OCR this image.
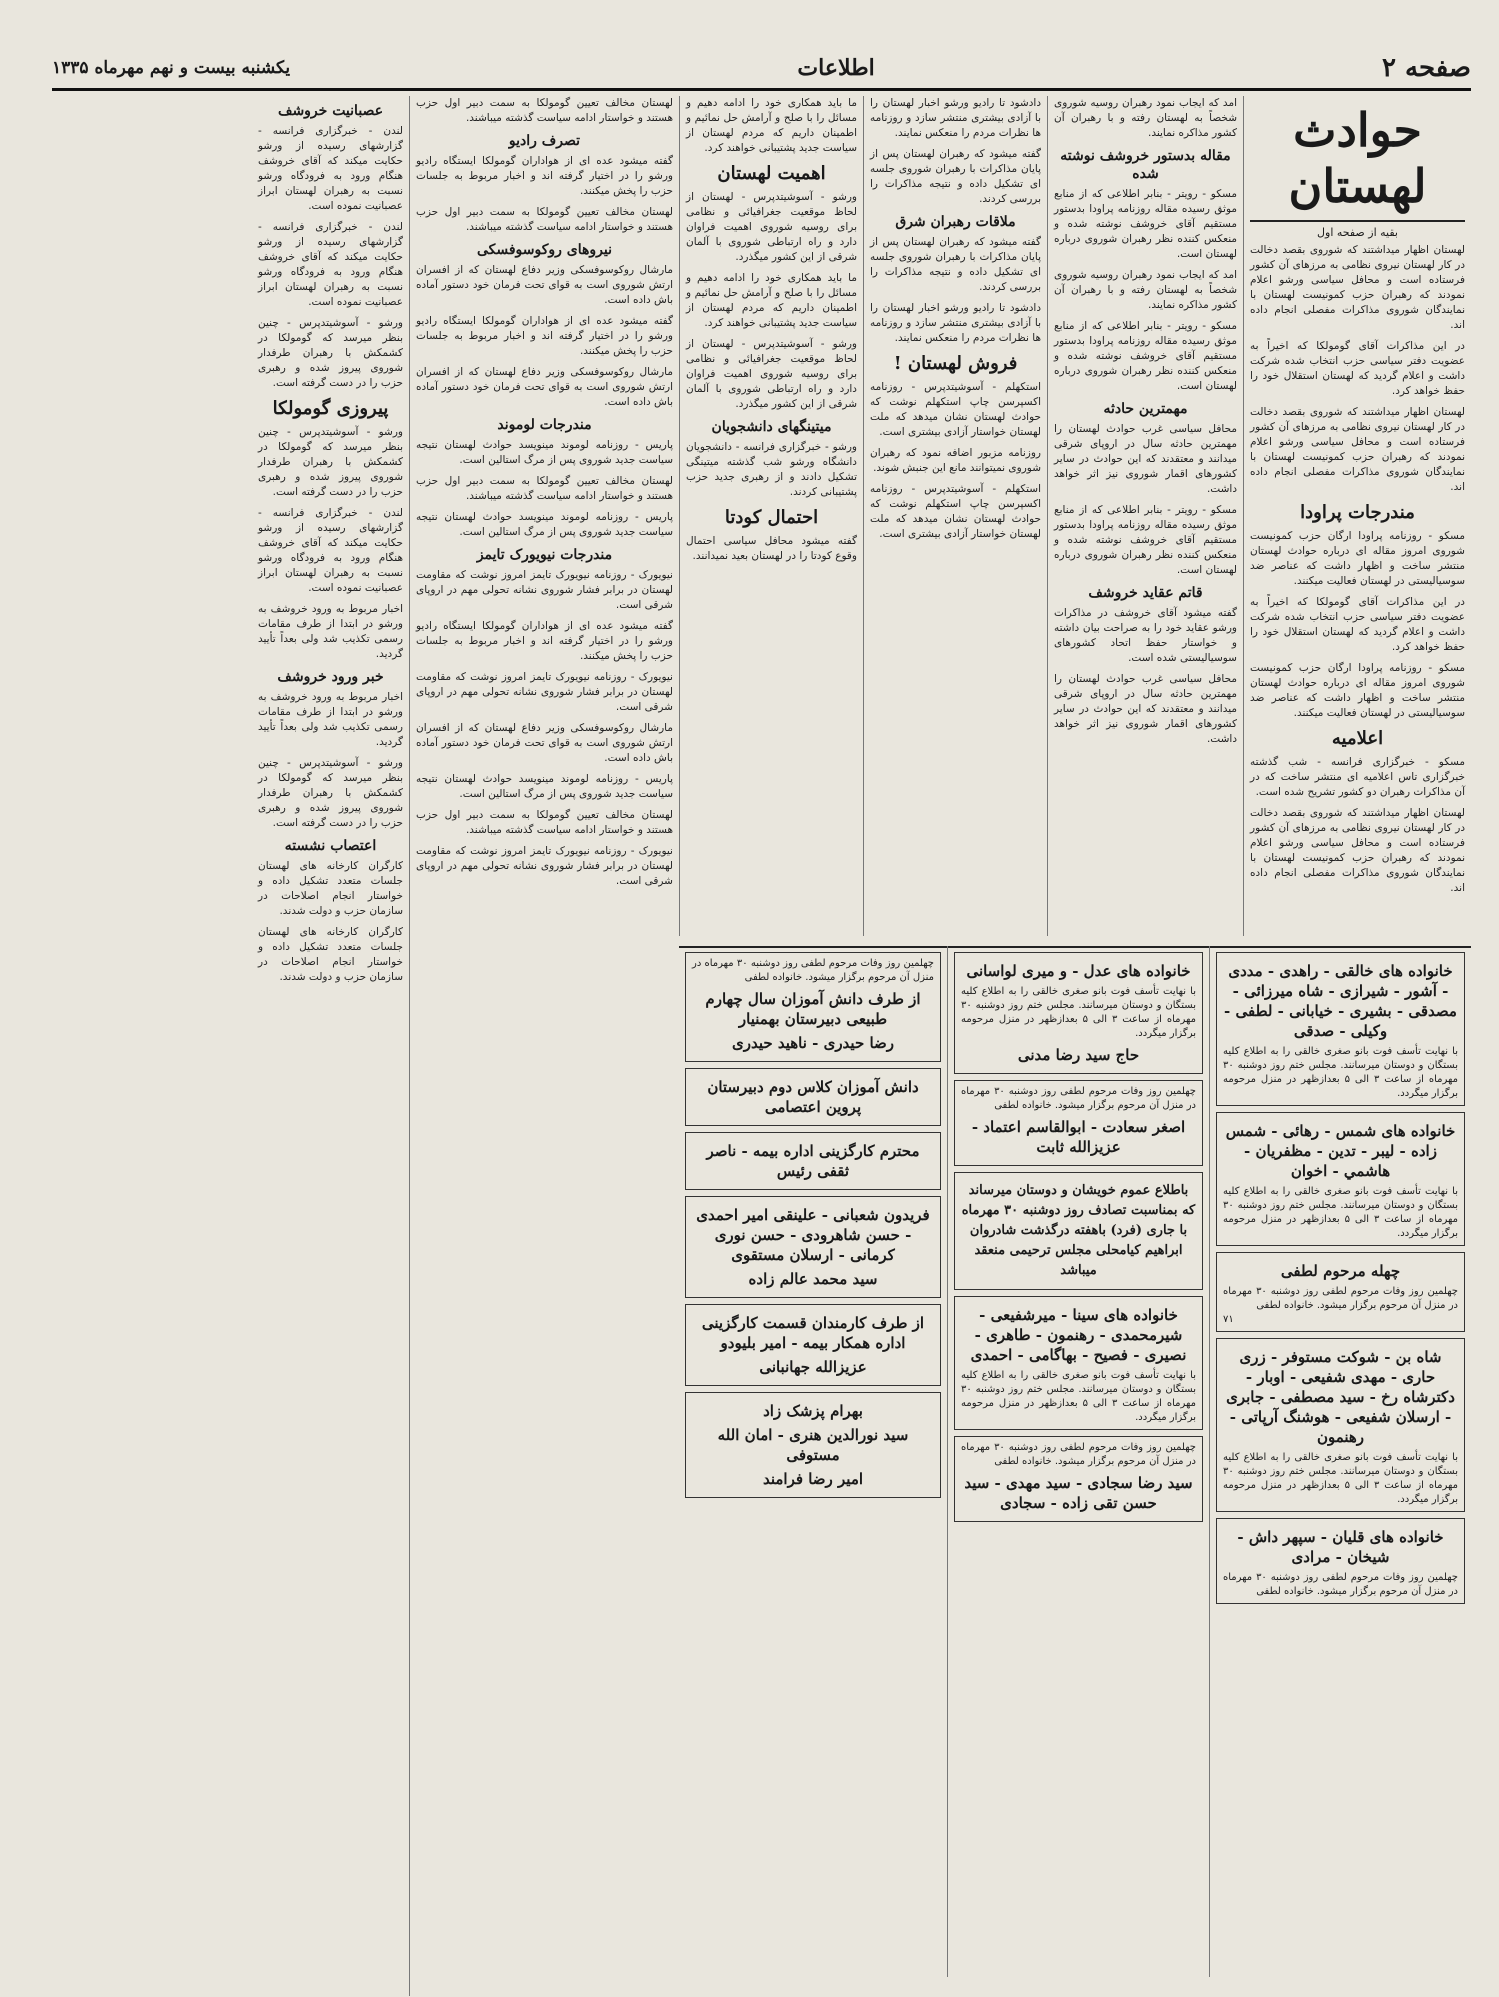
صفحه ۲
اطلاعات
یکشنبه بیست و نهم مهرماه ۱۳۳۵
حوادث لهستان
بقیه از صفحه اول

لهستان اظهار میداشتند که شوروی بقصد دخالت در کار لهستان نیروی نظامی به مرزهای آن کشور فرستاده است و محافل سیاسی ورشو اعلام نمودند که رهبران حزب کمونیست لهستان با نمایندگان شوروی مذاکرات مفصلی انجام داده اند.

در این مذاکرات آقای گومولکا که اخیراً به عضویت دفتر سیاسی حزب انتخاب شده شرکت داشت و اعلام گردید که لهستان استقلال خود را حفظ خواهد کرد.

لهستان اظهار میداشتند که شوروی بقصد دخالت در کار لهستان نیروی نظامی به مرزهای آن کشور فرستاده است و محافل سیاسی ورشو اعلام نمودند که رهبران حزب کمونیست لهستان با نمایندگان شوروی مذاکرات مفصلی انجام داده اند.

مندرجات پراودا

مسکو - روزنامه پراودا ارگان حزب کمونیست شوروی امروز مقاله ای درباره حوادث لهستان منتشر ساخت و اظهار داشت که عناصر ضد سوسیالیستی در لهستان فعالیت میکنند.

در این مذاکرات آقای گومولکا که اخیراً به عضویت دفتر سیاسی حزب انتخاب شده شرکت داشت و اعلام گردید که لهستان استقلال خود را حفظ خواهد کرد.

مسکو - روزنامه پراودا ارگان حزب کمونیست شوروی امروز مقاله ای درباره حوادث لهستان منتشر ساخت و اظهار داشت که عناصر ضد سوسیالیستی در لهستان فعالیت میکنند.

اعلامیه

مسکو - خبرگزاری فرانسه - شب گذشته خبرگزاری تاس اعلامیه ای منتشر ساخت که در آن مذاکرات رهبران دو کشور تشریح شده است.

لهستان اظهار میداشتند که شوروی بقصد دخالت در کار لهستان نیروی نظامی به مرزهای آن کشور فرستاده است و محافل سیاسی ورشو اعلام نمودند که رهبران حزب کمونیست لهستان با نمایندگان شوروی مذاکرات مفصلی انجام داده اند.

امد که ایجاب نمود رهبران روسیه شوروی شخصاً به لهستان رفته و با رهبران آن کشور مذاکره نمایند.

مقاله بدستور خروشف نوشته شده

مسکو - رویتر - بنابر اطلاعی که از منابع موثق رسیده مقاله روزنامه پراودا بدستور مستقیم آقای خروشف نوشته شده و منعکس کننده نظر رهبران شوروی درباره لهستان است.

امد که ایجاب نمود رهبران روسیه شوروی شخصاً به لهستان رفته و با رهبران آن کشور مذاکره نمایند.

مسکو - رویتر - بنابر اطلاعی که از منابع موثق رسیده مقاله روزنامه پراودا بدستور مستقیم آقای خروشف نوشته شده و منعکس کننده نظر رهبران شوروی درباره لهستان است.

مهمترین حادثه

محافل سیاسی غرب حوادث لهستان را مهمترین حادثه سال در اروپای شرقی میدانند و معتقدند که این حوادث در سایر کشورهای اقمار شوروی نیز اثر خواهد داشت.

مسکو - رویتر - بنابر اطلاعی که از منابع موثق رسیده مقاله روزنامه پراودا بدستور مستقیم آقای خروشف نوشته شده و منعکس کننده نظر رهبران شوروی درباره لهستان است.

قاتم عقاید خروشف

گفته میشود آقای خروشف در مذاکرات ورشو عقاید خود را به صراحت بیان داشته و خواستار حفظ اتحاد کشورهای سوسیالیستی شده است.

محافل سیاسی غرب حوادث لهستان را مهمترین حادثه سال در اروپای شرقی میدانند و معتقدند که این حوادث در سایر کشورهای اقمار شوروی نیز اثر خواهد داشت.

دادشود تا رادیو ورشو اخبار لهستان را با آزادی بیشتری منتشر سازد و روزنامه ها نظرات مردم را منعکس نمایند.

گفته میشود که رهبران لهستان پس از پایان مذاکرات با رهبران شوروی جلسه ای تشکیل داده و نتیجه مذاکرات را بررسی کردند.

ملاقات رهبران شرق

گفته میشود که رهبران لهستان پس از پایان مذاکرات با رهبران شوروی جلسه ای تشکیل داده و نتیجه مذاکرات را بررسی کردند.

دادشود تا رادیو ورشو اخبار لهستان را با آزادی بیشتری منتشر سازد و روزنامه ها نظرات مردم را منعکس نمایند.

فروش لهستان !

استکهلم - آسوشیتدپرس - روزنامه اکسپرسن چاپ استکهلم نوشت که حوادث لهستان نشان میدهد که ملت لهستان خواستار آزادی بیشتری است.

روزنامه مزبور اضافه نمود که رهبران شوروی نمیتوانند مانع این جنبش شوند.

استکهلم - آسوشیتدپرس - روزنامه اکسپرسن چاپ استکهلم نوشت که حوادث لهستان نشان میدهد که ملت لهستان خواستار آزادی بیشتری است.

ما باید همکاری خود را ادامه دهیم و مسائل را با صلح و آرامش حل نمائیم و اطمینان داریم که مردم لهستان از سیاست جدید پشتیبانی خواهند کرد.

اهمیت لهستان

ورشو - آسوشیتدپرس - لهستان از لحاظ موقعیت جغرافیائی و نظامی برای روسیه شوروی اهمیت فراوان دارد و راه ارتباطی شوروی با آلمان شرقی از این کشور میگذرد.

ما باید همکاری خود را ادامه دهیم و مسائل را با صلح و آرامش حل نمائیم و اطمینان داریم که مردم لهستان از سیاست جدید پشتیبانی خواهند کرد.

ورشو - آسوشیتدپرس - لهستان از لحاظ موقعیت جغرافیائی و نظامی برای روسیه شوروی اهمیت فراوان دارد و راه ارتباطی شوروی با آلمان شرقی از این کشور میگذرد.

ميتينگهای دانشجويان

ورشو - خبرگزاری فرانسه - دانشجویان دانشگاه ورشو شب گذشته میتینگی تشکیل دادند و از رهبری جدید حزب پشتیبانی کردند.

احتمال کودتا

گفته میشود محافل سیاسی احتمال وقوع کودتا را در لهستان بعید نمیدانند.

لهستان مخالف تعیین گومولکا به سمت دبیر اول حزب هستند و خواستار ادامه سیاست گذشته میباشند.

تصرف رادیو

گفته میشود عده ای از هواداران گومولکا ایستگاه رادیو ورشو را در اختیار گرفته اند و اخبار مربوط به جلسات حزب را پخش میکنند.

لهستان مخالف تعیین گومولکا به سمت دبیر اول حزب هستند و خواستار ادامه سیاست گذشته میباشند.

نیروهای روکوسوفسکی

مارشال روکوسوفسکی وزیر دفاع لهستان که از افسران ارتش شوروی است به قوای تحت فرمان خود دستور آماده باش داده است.

گفته میشود عده ای از هواداران گومولکا ایستگاه رادیو ورشو را در اختیار گرفته اند و اخبار مربوط به جلسات حزب را پخش میکنند.

مارشال روکوسوفسکی وزیر دفاع لهستان که از افسران ارتش شوروی است به قوای تحت فرمان خود دستور آماده باش داده است.

مندرجات لوموند

پاریس - روزنامه لوموند مینویسد حوادث لهستان نتیجه سیاست جدید شوروی پس از مرگ استالین است.

لهستان مخالف تعیین گومولکا به سمت دبیر اول حزب هستند و خواستار ادامه سیاست گذشته میباشند.

پاریس - روزنامه لوموند مینویسد حوادث لهستان نتیجه سیاست جدید شوروی پس از مرگ استالین است.

مندرجات نیویورک تایمز

نیویورک - روزنامه نیویورک تایمز امروز نوشت که مقاومت لهستان در برابر فشار شوروی نشانه تحولی مهم در اروپای شرقی است.

گفته میشود عده ای از هواداران گومولکا ایستگاه رادیو ورشو را در اختیار گرفته اند و اخبار مربوط به جلسات حزب را پخش میکنند.

نیویورک - روزنامه نیویورک تایمز امروز نوشت که مقاومت لهستان در برابر فشار شوروی نشانه تحولی مهم در اروپای شرقی است.

مارشال روکوسوفسکی وزیر دفاع لهستان که از افسران ارتش شوروی است به قوای تحت فرمان خود دستور آماده باش داده است.

پاریس - روزنامه لوموند مینویسد حوادث لهستان نتیجه سیاست جدید شوروی پس از مرگ استالین است.

لهستان مخالف تعیین گومولکا به سمت دبیر اول حزب هستند و خواستار ادامه سیاست گذشته میباشند.

نیویورک - روزنامه نیویورک تایمز امروز نوشت که مقاومت لهستان در برابر فشار شوروی نشانه تحولی مهم در اروپای شرقی است.

عصبانیت خروشف

لندن - خبرگزاری فرانسه - گزارشهای رسیده از ورشو حکایت میکند که آقای خروشف هنگام ورود به فرودگاه ورشو نسبت به رهبران لهستان ابراز عصبانیت نموده است.

لندن - خبرگزاری فرانسه - گزارشهای رسیده از ورشو حکایت میکند که آقای خروشف هنگام ورود به فرودگاه ورشو نسبت به رهبران لهستان ابراز عصبانیت نموده است.

ورشو - آسوشیتدپرس - چنین بنظر میرسد که گومولکا در کشمکش با رهبران طرفدار شوروی پیروز شده و رهبری حزب را در دست گرفته است.

پیروزی گومولکا

ورشو - آسوشیتدپرس - چنین بنظر میرسد که گومولکا در کشمکش با رهبران طرفدار شوروی پیروز شده و رهبری حزب را در دست گرفته است.

لندن - خبرگزاری فرانسه - گزارشهای رسیده از ورشو حکایت میکند که آقای خروشف هنگام ورود به فرودگاه ورشو نسبت به رهبران لهستان ابراز عصبانیت نموده است.

اخبار مربوط به ورود خروشف به ورشو در ابتدا از طرف مقامات رسمی تکذیب شد ولی بعداً تأیید گردید.

خبر ورود خروشف

اخبار مربوط به ورود خروشف به ورشو در ابتدا از طرف مقامات رسمی تکذیب شد ولی بعداً تأیید گردید.

ورشو - آسوشیتدپرس - چنین بنظر میرسد که گومولکا در کشمکش با رهبران طرفدار شوروی پیروز شده و رهبری حزب را در دست گرفته است.

اعتصاب نشسته

کارگران کارخانه های لهستان جلسات متعدد تشکیل داده و خواستار انجام اصلاحات در سازمان حزب و دولت شدند.

کارگران کارخانه های لهستان جلسات متعدد تشکیل داده و خواستار انجام اصلاحات در سازمان حزب و دولت شدند.	خانواده های خالقی - راهدی - مددی - آشور - شیرازی - شاه میرزائی - مصدقی - بشیری - خیابانی - لطفی - وکیلی - صدقی
با نهایت تأسف فوت بانو صغری خالقی را به اطلاع کلیه بستگان و دوستان میرسانند. مجلس ختم روز دوشنبه ۳۰ مهرماه از ساعت ۳ الی ۵ بعدازظهر در منزل مرحومه برگزار میگردد.
خانواده های شمس - رهائی - شمس زاده - ليبر - تدين - مظفريان - هاشمي - اخوان
با نهایت تأسف فوت بانو صغری خالقی را به اطلاع کلیه بستگان و دوستان میرسانند. مجلس ختم روز دوشنبه ۳۰ مهرماه از ساعت ۳ الی ۵ بعدازظهر در منزل مرحومه برگزار میگردد.
چهله مرحوم لطفی
چهلمین روز وفات مرحوم لطفی روز دوشنبه ۳۰ مهرماه در منزل آن مرحوم برگزار میشود. خانواده لطفی
۷۱
شاه بن - شوکت مستوفر - زری حاری - مهدی شفیعی - اوبار - دکترشاه رخ - سید مصطفی - جابری - ارسلان شفیعی - هوشنگ آرپاتی - رهنمون
با نهایت تأسف فوت بانو صغری خالقی را به اطلاع کلیه بستگان و دوستان میرسانند. مجلس ختم روز دوشنبه ۳۰ مهرماه از ساعت ۳ الی ۵ بعدازظهر در منزل مرحومه برگزار میگردد.
خانواده های قلیان - سپهر داش - شیخان - مرادی
چهلمین روز وفات مرحوم لطفی روز دوشنبه ۳۰ مهرماه در منزل آن مرحوم برگزار میشود. خانواده لطفی
خانواده های عدل - و میری لواسانی
با نهایت تأسف فوت بانو صغری خالقی را به اطلاع کلیه بستگان و دوستان میرسانند. مجلس ختم روز دوشنبه ۳۰ مهرماه از ساعت ۳ الی ۵ بعدازظهر در منزل مرحومه برگزار میگردد.
حاج سید رضا مدنی
چهلمین روز وفات مرحوم لطفی روز دوشنبه ۳۰ مهرماه در منزل آن مرحوم برگزار میشود. خانواده لطفی
اصغر سعادت - ابوالقاسم اعتماد - عزیزالله ثابت
باطلاع عموم خویشان و دوستان میرساند که بمناسبت تصادف روز دوشنبه ۳۰ مهرماه با جاری (فرد) باهفته درگذشت شادروان ابراهیم کیامحلی مجلس ترحیمی منعقد میباشد
خانواده های سینا - میرشفیعی - شیرمحمدی - رهنمون - طاهری - نصیری - فصیح - بهاگامی - احمدی
با نهایت تأسف فوت بانو صغری خالقی را به اطلاع کلیه بستگان و دوستان میرسانند. مجلس ختم روز دوشنبه ۳۰ مهرماه از ساعت ۳ الی ۵ بعدازظهر در منزل مرحومه برگزار میگردد.
چهلمین روز وفات مرحوم لطفی روز دوشنبه ۳۰ مهرماه در منزل آن مرحوم برگزار میشود. خانواده لطفی
سید رضا سجادی - سید مهدی - سید حسن تقی زاده - سجادی
چهلمین روز وفات مرحوم لطفی روز دوشنبه ۳۰ مهرماه در منزل آن مرحوم برگزار میشود. خانواده لطفی
از طرف دانش آموزان سال چهارم طبیعی دبیرستان بهمنیار
رضا حیدری - ناهید حیدری
دانش آموزان کلاس دوم دبیرستان پروین اعتصامی
محترم کارگزینی اداره بیمه - ناصر ثقفی رئیس
فریدون شعبانی - علینقی امیر احمدی - حسن شاهرودی - حسن نوری کرمانی - ارسلان مستقوی
سید محمد عالم زاده
از طرف کارمندان قسمت کارگزینی اداره همکار بیمه - امیر بلیودو
عزیزالله جهانبانی
بهرام پزشک زاد
سید نورالدین هنری - امان الله مستوفی
امیر رضا فرامند
